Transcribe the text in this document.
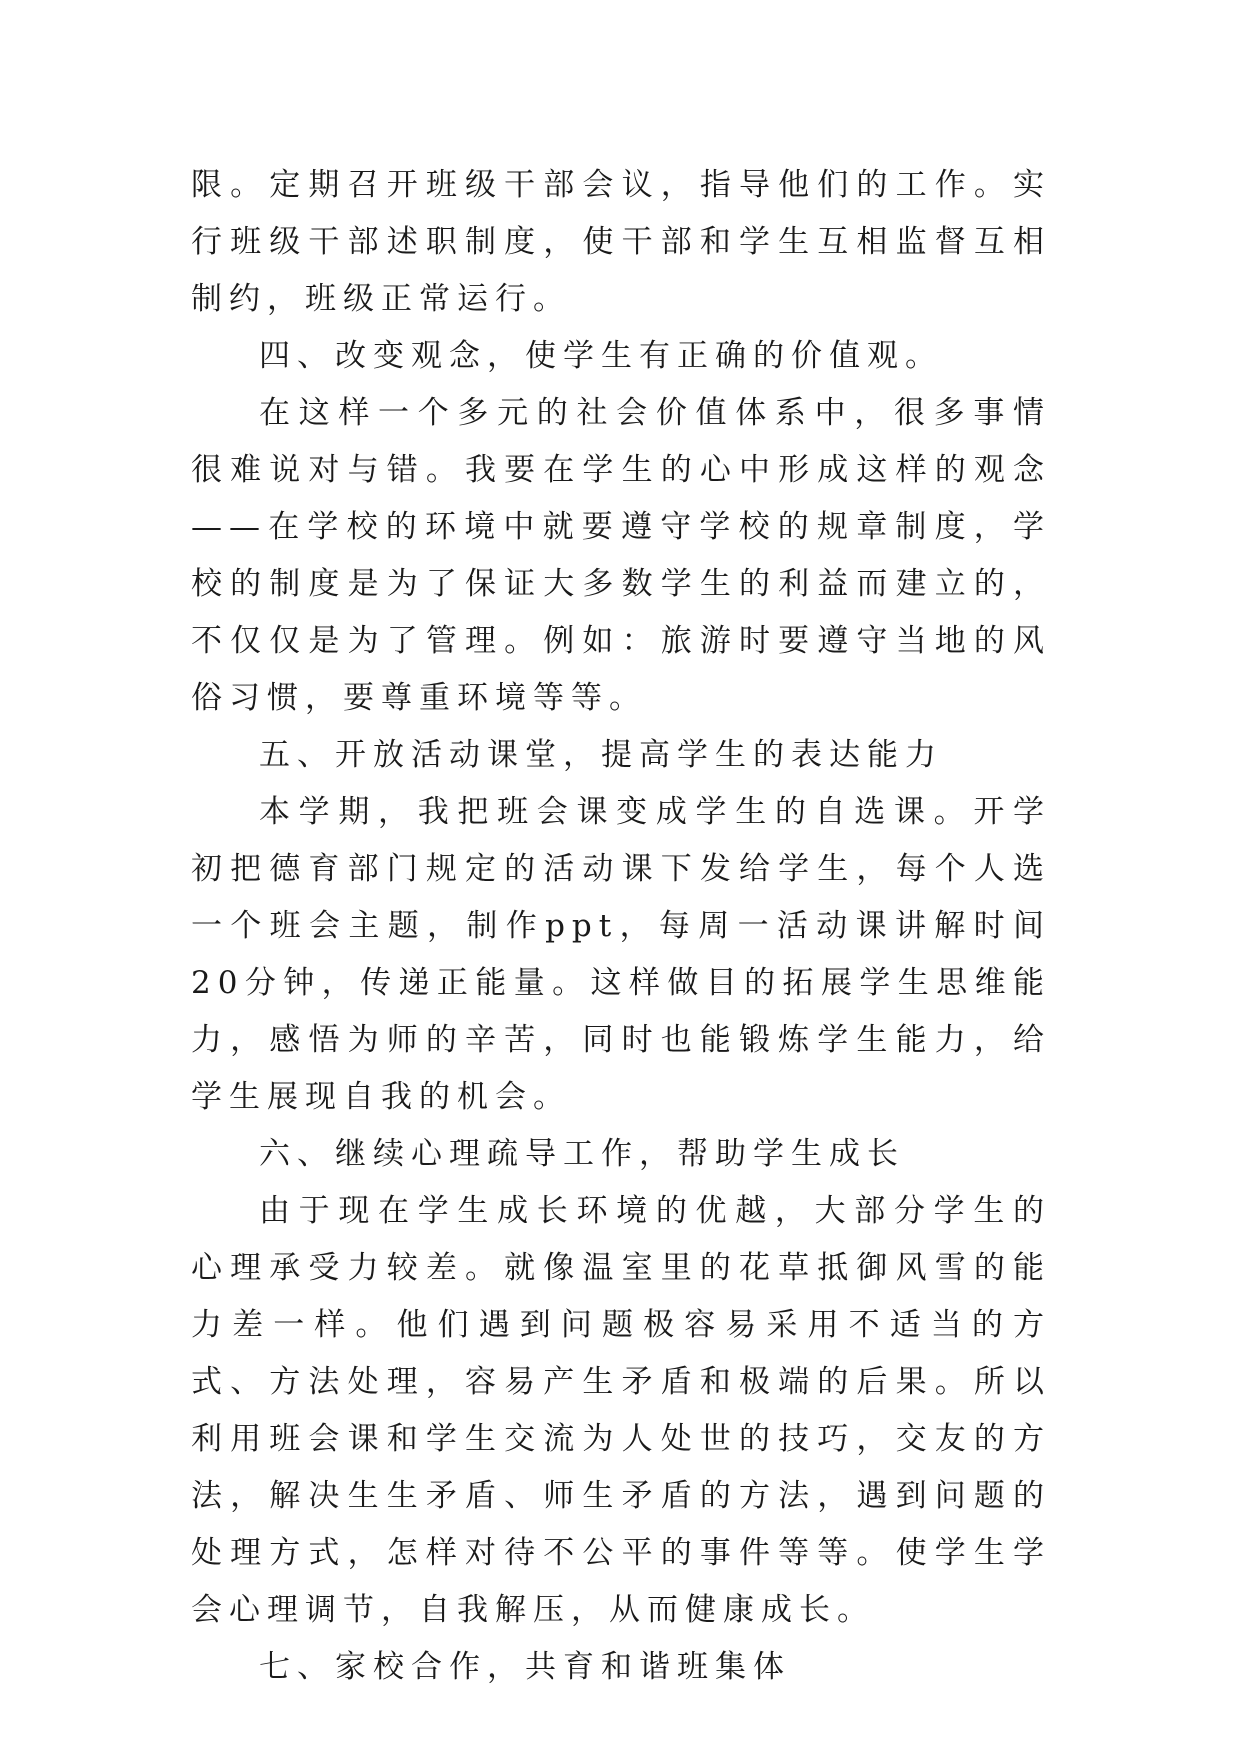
限。定期召开班级干部会议，指导他们的工作。实行班级干部述职制度，使干部和学生互相监督互相制约，班级正常运行。

四、改变观念，使学生有正确的价值观。

在这样一个多元的社会价值体系中，很多事情很难说对与错。我要在学生的心中形成这样的观念——在学校的环境中就要遵守学校的规章制度，学校的制度是为了保证大多数学生的利益而建立的，不仅仅是为了管理。例如：旅游时要遵守当地的风俗习惯，要尊重环境等等。

五、开放活动课堂，提高学生的表达能力

本学期，我把班会课变成学生的自选课。开学初把德育部门规定的活动课下发给学生，每个人选一个班会主题，制作ppt，每周一活动课讲解时间20分钟，传递正能量。这样做目的拓展学生思维能力，感悟为师的辛苦，同时也能锻炼学生能力，给学生展现自我的机会。

六、继续心理疏导工作，帮助学生成长

由于现在学生成长环境的优越，大部分学生的心理承受力较差。就像温室里的花草抵御风雪的能力差一样。他们遇到问题极容易采用不适当的方式、方法处理，容易产生矛盾和极端的后果。所以利用班会课和学生交流为人处世的技巧，交友的方法，解决生生矛盾、师生矛盾的方法，遇到问题的处理方式，怎样对待不公平的事件等等。使学生学会心理调节，自我解压，从而健康成长。

七、家校合作，共育和谐班集体
